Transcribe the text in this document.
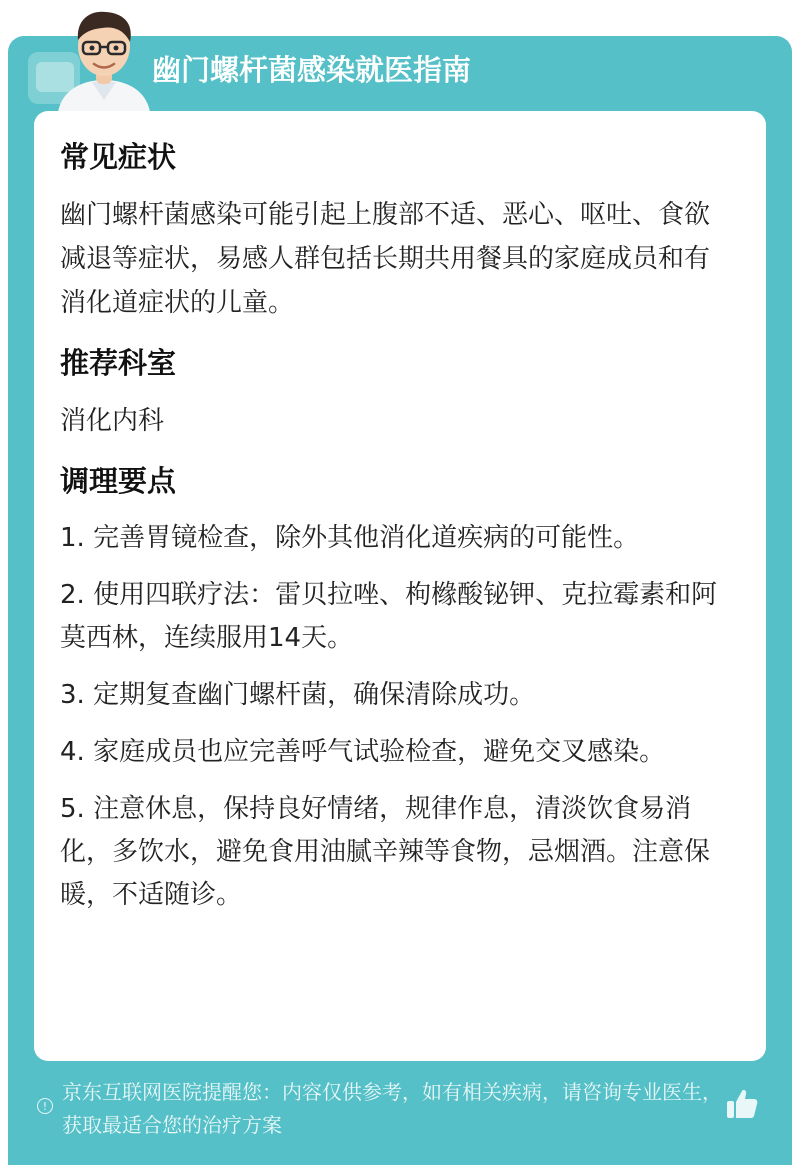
幽门螺杆菌感染就医指南
常见症状

幽门螺杆菌感染可能引起上腹部不适、恶心、呕吐、食欲减退等症状，易感人群包括长期共用餐具的家庭成员和有消化道症状的儿童。

推荐科室

消化内科

调理要点

1. 完善胃镜检查，除外其他消化道疾病的可能性。

2. 使用四联疗法：雷贝拉唑、枸橼酸铋钾、克拉霉素和阿莫西林，连续服用14天。

3. 定期复查幽门螺杆菌，确保清除成功。

4. 家庭成员也应完善呼气试验检查，避免交叉感染。

5. 注意休息，保持良好情绪，规律作息，清淡饮食易消化，多饮水，避免食用油腻辛辣等食物，忌烟酒。注意保暖，不适随诊。

!
京东互联网医院提醒您：内容仅供参考，如有相关疾病，请咨询专业医生，获取最适合您的治疗方案
